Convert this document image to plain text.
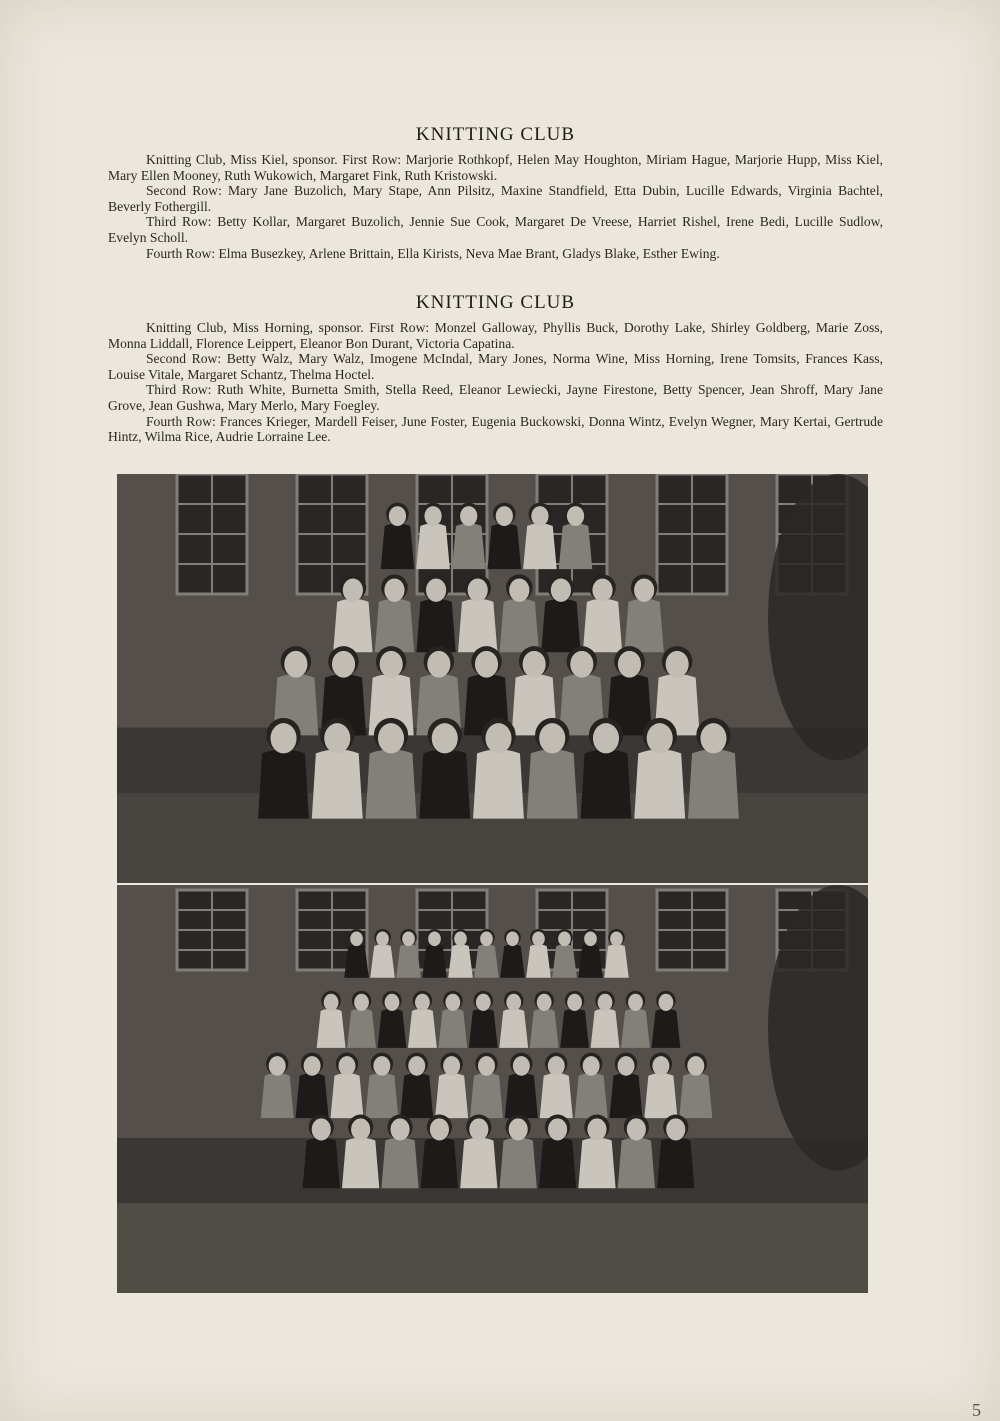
KNITTING CLUB

Knitting Club, Miss Kiel, sponsor. First Row: Marjorie Rothkopf, Helen May Houghton, Miriam Hague, Marjorie Hupp, Miss Kiel, Mary Ellen Mooney, Ruth Wukowich, Margaret Fink, Ruth Kristowski.

Second Row: Mary Jane Buzolich, Mary Stape, Ann Pilsitz, Maxine Standfield, Etta Dubin, Lucille Edwards, Virginia Bachtel, Beverly Fothergill.

Third Row: Betty Kollar, Margaret Buzolich, Jennie Sue Cook, Margaret De Vreese, Harriet Rishel, Irene Bedi, Lucille Sudlow, Evelyn Scholl.

Fourth Row: Elma Busezkey, Arlene Brittain, Ella Kirists, Neva Mae Brant, Gladys Blake, Esther Ewing.

KNITTING CLUB

Knitting Club, Miss Horning, sponsor. First Row: Monzel Galloway, Phyllis Buck, Dorothy Lake, Shirley Goldberg, Marie Zoss, Monna Liddall, Florence Leippert, Eleanor Bon Durant, Victoria Capatina.

Second Row: Betty Walz, Mary Walz, Imogene McIndal, Mary Jones, Norma Wine, Miss Horning, Irene Tomsits, Frances Kass, Louise Vitale, Margaret Schantz, Thelma Hoctel.

Third Row: Ruth White, Burnetta Smith, Stella Reed, Eleanor Lewiecki, Jayne Firestone, Betty Spencer, Jean Shroff, Mary Jane Grove, Jean Gushwa, Mary Merlo, Mary Foegley.

Fourth Row: Frances Krieger, Mardell Feiser, June Foster, Eugenia Buckowski, Donna Wintz, Evelyn Wegner, Mary Kertai, Gertrude Hintz, Wilma Rice, Audrie Lorraine Lee.

5
